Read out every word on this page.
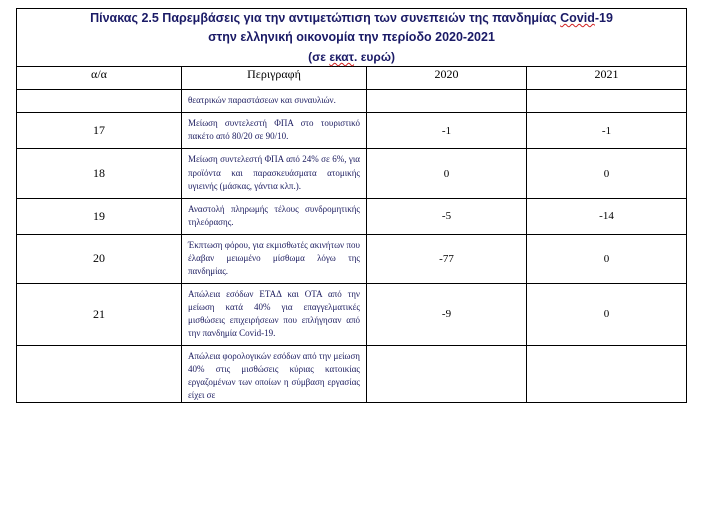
Πίνακας 2.5 Παρεμβάσεις για την αντιμετώπιση των συνεπειών της πανδημίας Covid-19
στην ελληνική οικονομία την περίοδο 2020-2021
(σε εκατ. ευρώ)			

α/α	Περιγραφή	2020	2021
	θεατρικών παραστάσεων και συναυλιών.		
17	Μείωση συντελεστή ΦΠΑ στο τουριστικό πακέτο από 80/20 σε 90/10.	-1	-1
18	Μείωση συντελεστή ΦΠΑ από 24% σε 6%, για προϊόντα και παρασκευάσματα ατομικής υγιεινής (μάσκας, γάντια κλπ.).	0	0
19	Αναστολή πληρωμής τέλους συνδρομητικής τηλεόρασης.	-5	-14
20	Έκπτωση φόρου, για εκμισθωτές ακινήτων που έλαβαν μειωμένο μίσθωμα λόγω της πανδημίας.	-77	0
21	Απώλεια εσόδων ΕΤΑΔ και ΟΤΑ από την μείωση κατά 40% για επαγγελματικές μισθώσεις επιχειρήσεων που επλήγησαν από την πανδημία Covid-19.	-9	0
	Απώλεια φορολογικών εσόδων από την μείωση 40% στις μισθώσεις κύριας κατοικίας εργαζομένων των οποίων η σύμβαση εργασίας είχει σε		
